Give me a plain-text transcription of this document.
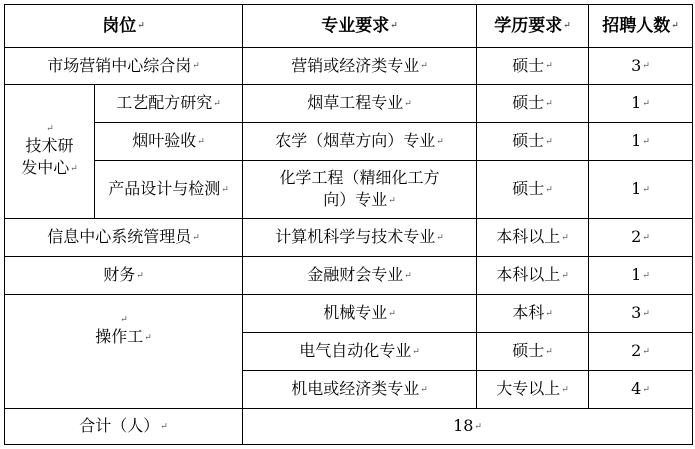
岗位↵		专业要求↵	学历要求↵	招聘人数↵
市场营销中心综合岗↵		营销或经济类专业↵	硕士↵	3↵

↵
技术研
发中心↵	工艺配方研究↵	烟草工程专业↵	硕士↵	1↵
	烟叶验收↵	农学（烟草方向）专业↵	硕士↵	1↵
	产品设计与检测↵	化学工程（精细化工方
向）专业↵	硕士↵	1↵
信息中心系统管理员↵		计算机科学与技术专业↵	本科以上↵	2↵
财务↵		金融财会专业↵	本科以上↵	1↵

↵
操作工↵		机械专业↵	本科↵	3↵
		电气自动化专业↵	硕士↵	2↵
		机电或经济类专业↵	大专以上↵	4↵
合计（人）↵		18↵		
